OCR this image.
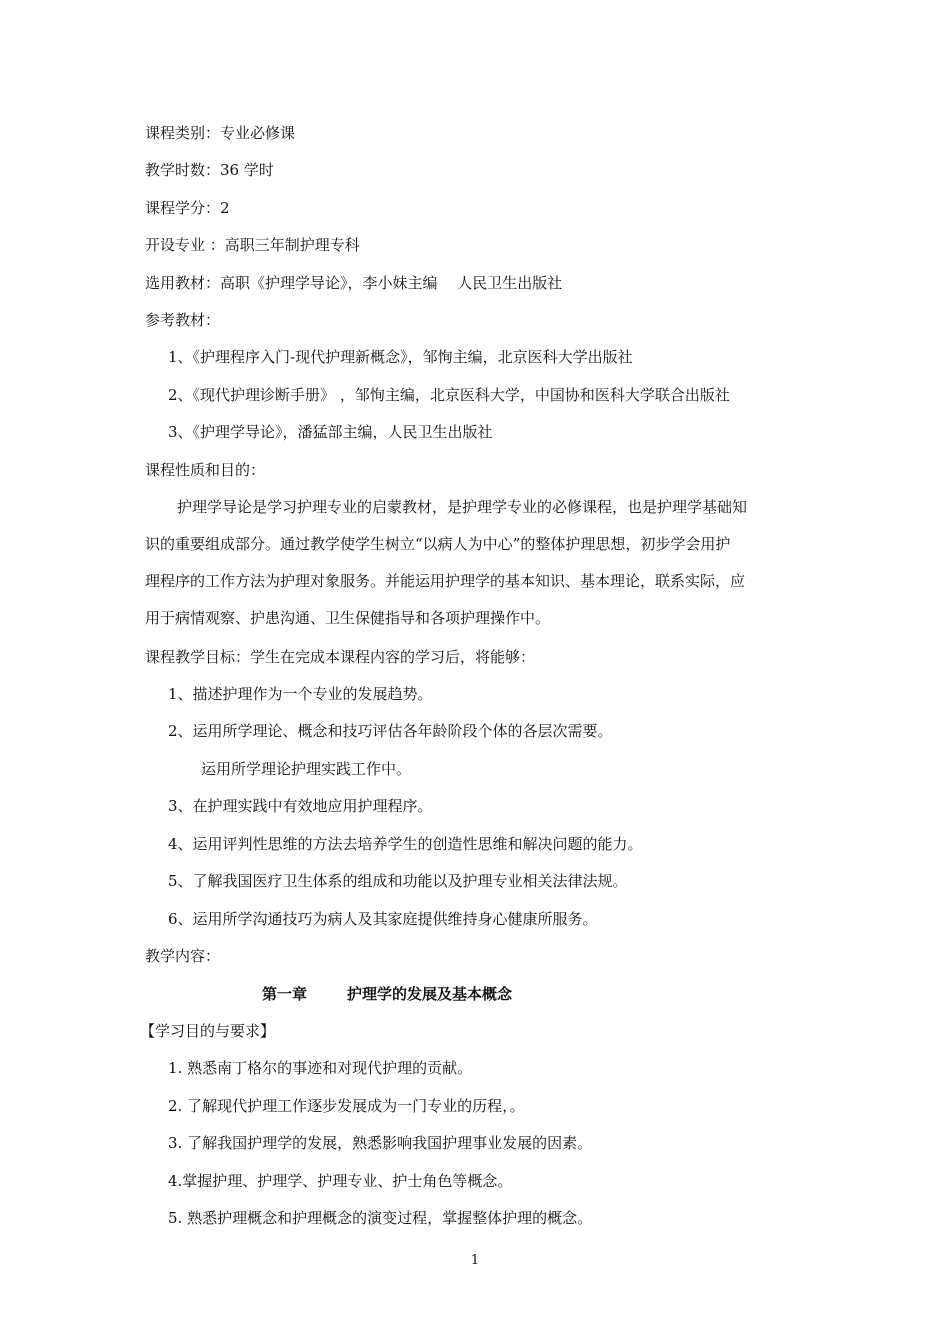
课程类别：专业必修课
教学时数：36 学时
课程学分：2
开设专业 ：高职三年制护理专科
选用教材：高职《护理学导论》，李小妹主编　 人民卫生出版社
参考教材：
1、《护理程序入门-现代护理新概念》，邹恂主编，北京医科大学出版社
2、《现代护理诊断手册》 ，邹恂主编，北京医科大学，中国协和医科大学联合出版社
3、《护理学导论》，潘猛部主编，人民卫生出版社
课程性质和目的：
护理学导论是学习护理专业的启蒙教材，是护理学专业的必修课程，也是护理学基础知
识的重要组成部分。通过教学使学生树立“以病人为中心”的整体护理思想，初步学会用护
理程序的工作方法为护理对象服务。并能运用护理学的基本知识、基本理论，联系实际，应
用于病情观察、护患沟通、卫生保健指导和各项护理操作中。
课程教学目标：学生在完成本课程内容的学习后，将能够：
1、描述护理作为一个专业的发展趋势。
2、运用所学理论、概念和技巧评估各年龄阶段个体的各层次需要。
运用所学理论护理实践工作中。
3、在护理实践中有效地应用护理程序。
4、运用评判性思维的方法去培养学生的创造性思维和解决问题的能力。
5、了解我国医疗卫生体系的组成和功能以及护理专业相关法律法规。
6、运用所学沟通技巧为病人及其家庭提供维持身心健康所服务。
教学内容：
第一章	护理学的发展及基本概念
【学习目的与要求】
1. 熟悉南丁格尔的事迹和对现代护理的贡献。
2. 了解现代护理工作逐步发展成为一门专业的历程，。
3. 了解我国护理学的发展，熟悉影响我国护理事业发展的因素。
4.掌握护理、护理学、护理专业、护士角色等概念。
5. 熟悉护理概念和护理概念的演变过程，掌握整体护理的概念。
1
